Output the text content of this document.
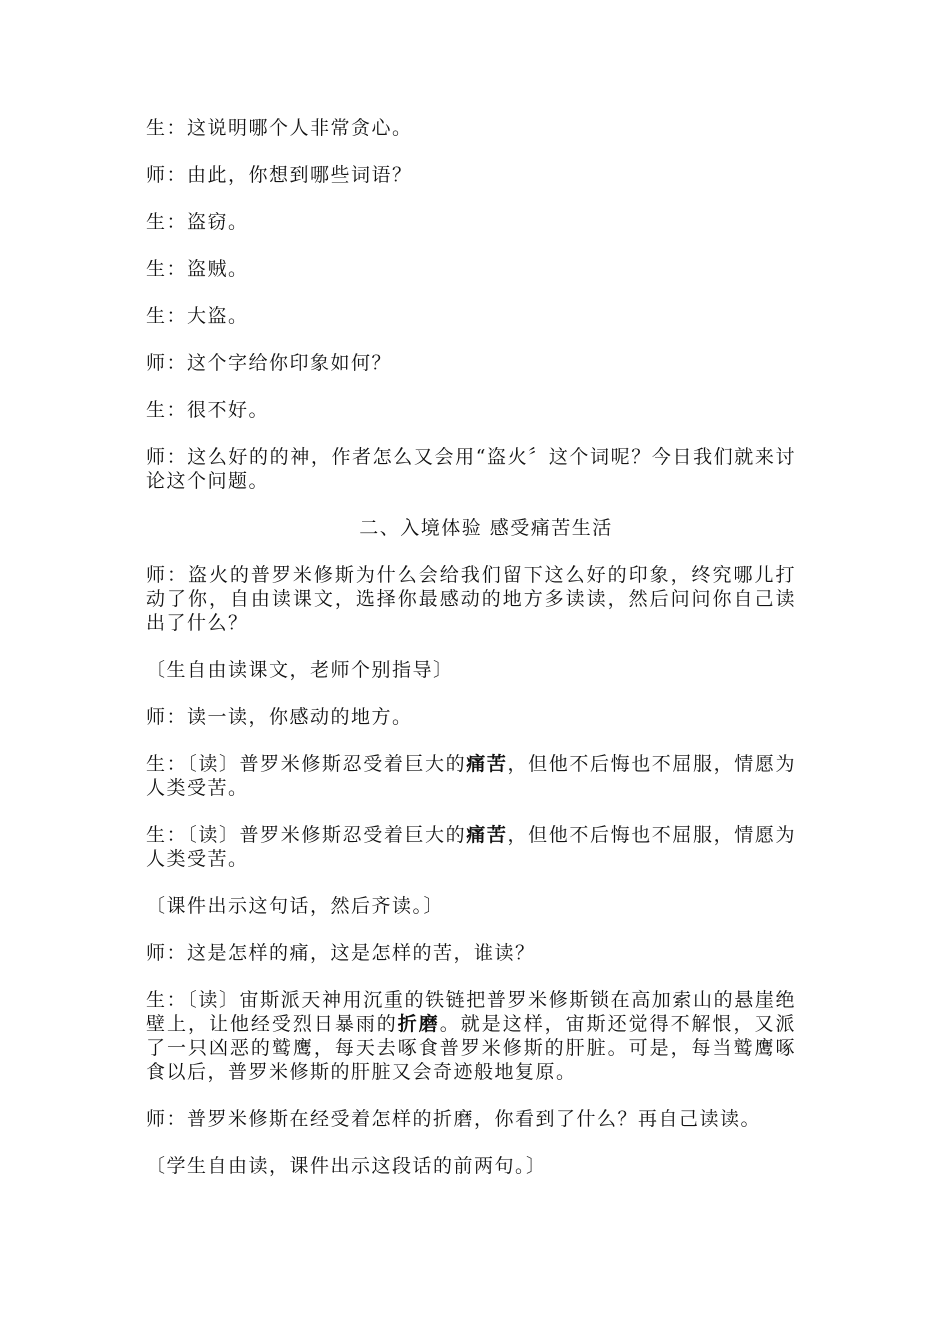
生：这说明哪个人非常贪心。

师：由此，你想到哪些词语？

生：盗窃。

生：盗贼。

生：大盗。

师：这个字给你印象如何？

生：很不好。

师：这么好的的神，作者怎么又会用“盗火〞这个词呢？今日我们就来讨论这个问题。

二、入境体验 感受痛苦生活

师：盗火的普罗米修斯为什么会给我们留下这么好的印象，终究哪儿打动了你，自由读课文，选择你最感动的地方多读读，然后问问你自己读出了什么？

〔生自由读课文，老师个别指导〕

师：读一读，你感动的地方。

生：〔读〕普罗米修斯忍受着巨大的痛苦，但他不后悔也不屈服，情愿为人类受苦。

生：〔读〕普罗米修斯忍受着巨大的痛苦，但他不后悔也不屈服，情愿为人类受苦。

〔课件出示这句话，然后齐读。〕

师：这是怎样的痛，这是怎样的苦，谁读？

生：〔读〕宙斯派天神用沉重的铁链把普罗米修斯锁在高加索山的悬崖绝壁上，让他经受烈日暴雨的折磨。就是这样，宙斯还觉得不解恨，又派了一只凶恶的鹫鹰，每天去啄食普罗米修斯的肝脏。可是，每当鹫鹰啄食以后，普罗米修斯的肝脏又会奇迹般地复原。

师：普罗米修斯在经受着怎样的折磨，你看到了什么？再自己读读。

〔学生自由读，课件出示这段话的前两句。〕
